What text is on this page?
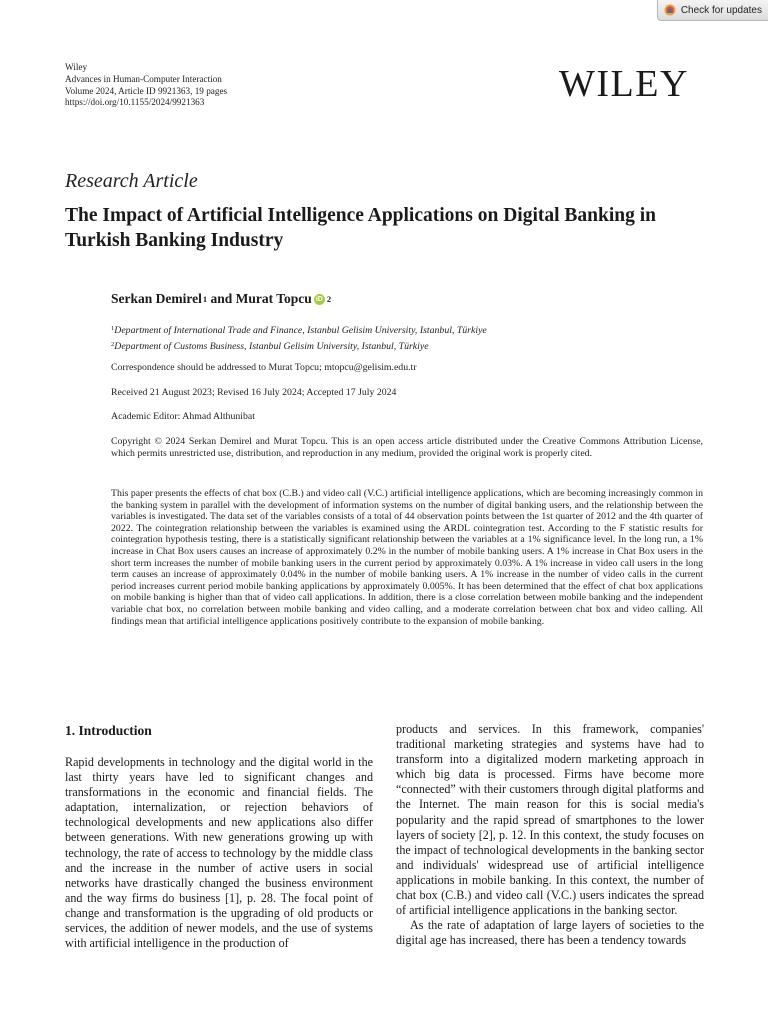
Check for updates
Wiley
Advances in Human-Computer Interaction
Volume 2024, Article ID 9921363, 19 pages
https://doi.org/10.1155/2024/9921363	WILEY
Research Article
The Impact of Artificial Intelligence Applications on Digital Banking in Turkish Banking Industry
Serkan Demirel 1 and Murat Topcu iD 2
$^1$Department of International Trade and Finance, Istanbul Gelisim University, Istanbul, Türkiye
$^2$Department of Customs Business, Istanbul Gelisim University, Istanbul, Türkiye
Correspondence should be addressed to Murat Topcu; mtopcu@gelisim.edu.tr
Received 21 August 2023; Revised 16 July 2024; Accepted 17 July 2024
Academic Editor: Ahmad Althunibat

Copyright © 2024 Serkan Demirel and Murat Topcu. This is an open access article distributed under the Creative Commons Attribution License, which permits unrestricted use, distribution, and reproduction in any medium, provided the original work is properly cited.

This paper presents the effects of chat box (C.B.) and video call (V.C.) artificial intelligence applications, which are becoming increasingly common in the banking system in parallel with the development of information systems on the number of digital banking users, and the relationship between the variables is investigated. The data set of the variables consists of a total of 44 observation points between the 1st quarter of 2012 and the 4th quarter of 2022. The cointegration relationship between the variables is examined using the ARDL cointegration test. According to the F statistic results for cointegration hypothesis testing, there is a statistically significant relationship between the variables at a 1% significance level. In the long run, a 1% increase in Chat Box users causes an increase of approximately 0.2% in the number of mobile banking users. A 1% increase in Chat Box users in the short term increases the number of mobile banking users in the current period by approximately 0.03%. A 1% increase in video call users in the long term causes an increase of approximately 0.04% in the number of mobile banking users. A 1% increase in the number of video calls in the current period increases current period mobile banking applications by approximately 0.005%. It has been determined that the effect of chat box applications on mobile banking is higher than that of video call applications. In addition, there is a close correlation between mobile banking and the independent variable chat box, no correlation between mobile banking and video calling, and a moderate correlation between chat box and video calling. All findings mean that artificial intelligence applications positively contribute to the expansion of mobile banking.

1. Introduction

Rapid developments in technology and the digital world in the last thirty years have led to significant changes and transformations in the economic and financial fields. The adaptation, internalization, or rejection behaviors of technological developments and new applications also differ between generations. With new generations growing up with technology, the rate of access to technology by the middle class and the increase in the number of active users in social networks have drastically changed the business environment and the way firms do business [1], p. 28. The focal point of change and transformation is the upgrading of old products or services, the addition of newer models, and the use of systems with artificial intelligence in the production of

products and services. In this framework, companies' traditional marketing strategies and systems have had to transform into a digitalized modern marketing approach in which big data is processed. Firms have become more “connected” with their customers through digital platforms and the Internet. The main reason for this is social media's popularity and the rapid spread of smartphones to the lower layers of society [2], p. 12. In this context, the study focuses on the impact of technological developments in the banking sector and individuals' widespread use of artificial intelligence applications in mobile banking. In this context, the number of chat box (C.B.) and video call (V.C.) users indicates the spread of artificial intelligence applications in the banking sector.

As the rate of adaptation of large layers of societies to the digital age has increased, there has been a tendency towards
